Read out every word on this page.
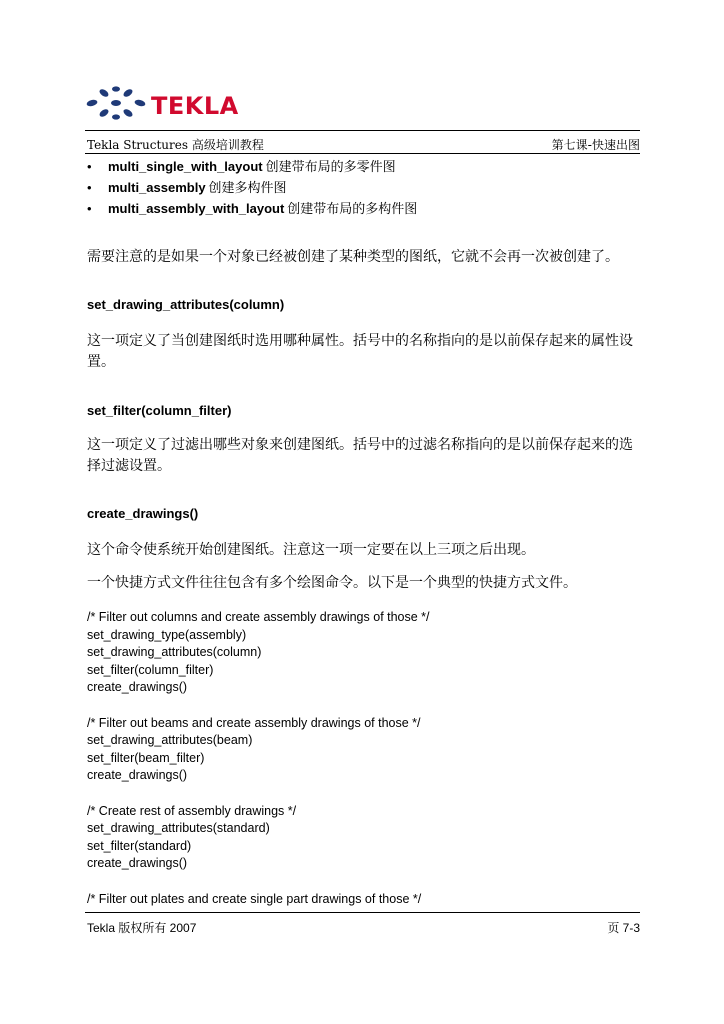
TEKLA
Tekla Structures 高级培训教程	第七课-快速出图
• multi_single_with_layout 创建带布局的多零件图
• multi_assembly 创建多构件图
• multi_assembly_with_layout 创建带布局的多构件图
需要注意的是如果一个对象已经被创建了某种类型的图纸，它就不会再一次被创建了。
set_drawing_attributes(column)
这一项定义了当创建图纸时选用哪种属性。括号中的名称指向的是以前保存起来的属性设置。
set_filter(column_filter)
这一项定义了过滤出哪些对象来创建图纸。括号中的过滤名称指向的是以前保存起来的选择过滤设置。
create_drawings()
这个命令使系统开始创建图纸。注意这一项一定要在以上三项之后出现。
一个快捷方式文件往往包含有多个绘图命令。以下是一个典型的快捷方式文件。
/* Filter out columns and create assembly drawings of those */
set_drawing_type(assembly)
set_drawing_attributes(column)
set_filter(column_filter)
create_drawings()
/* Filter out beams and create assembly drawings of those */
set_drawing_attributes(beam)
set_filter(beam_filter)
create_drawings()
/* Create rest of assembly drawings */
set_drawing_attributes(standard)
set_filter(standard)
create_drawings()
/* Filter out plates and create single part drawings of those */
Tekla 版权所有 2007	页 7-3
